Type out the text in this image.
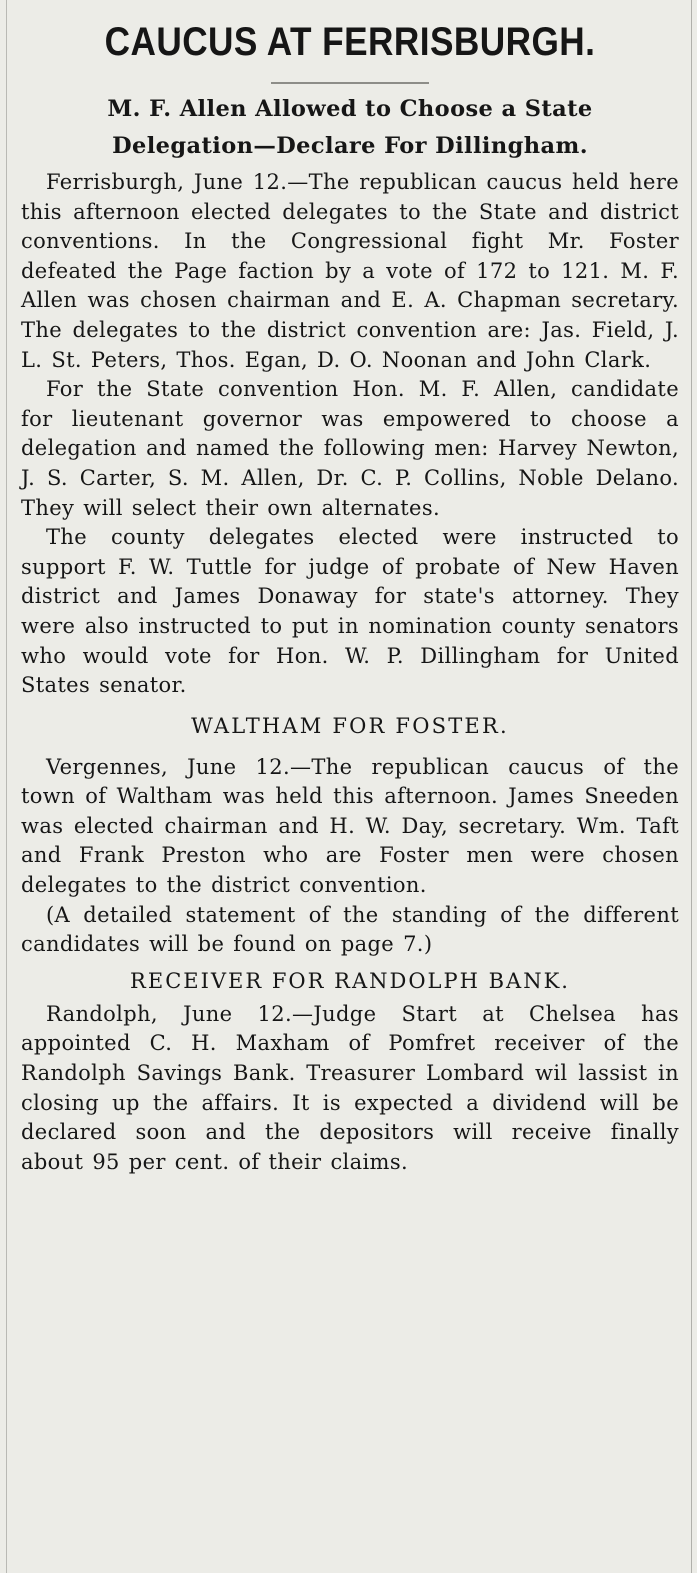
CAUCUS AT FERRISBURGH.
M. F. Allen Allowed to Choose a State
Delegation—Declare For Dillingham.

Ferrisburgh, June 12.—The republican caucus held here this afternoon elected delegates to the State and district conventions. In the Congressional fight Mr. Foster defeated the Page faction by a vote of 172 to 121. M. F. Allen was chosen chairman and E. A. Chapman secretary. The delegates to the district convention are: Jas. Field, J. L. St. Peters, Thos. Egan, D. O. Noonan and John Clark.

For the State convention Hon. M. F. Allen, candidate for lieutenant governor was empowered to choose a delegation and named the following men: Harvey Newton, J. S. Carter, S. M. Allen, Dr. C. P. Collins, Noble Delano. They will select their own alternates.

The county delegates elected were instructed to support F. W. Tuttle for judge of probate of New Haven district and James Donaway for state's attorney. They were also instructed to put in nomination county senators who would vote for Hon. W. P. Dillingham for United States senator.

WALTHAM FOR FOSTER.

Vergennes, June 12.—The republican caucus of the town of Waltham was held this afternoon. James Sneeden was elected chairman and H. W. Day, secretary. Wm. Taft and Frank Preston who are Foster men were chosen delegates to the district convention.

(A detailed statement of the standing of the different candidates will be found on page 7.)

RECEIVER FOR RANDOLPH BANK.

Randolph, June 12.—Judge Start at Chelsea has appointed C. H. Maxham of Pomfret receiver of the Randolph Savings Bank. Treasurer Lombard wil lassist in closing up the affairs. It is expected a dividend will be declared soon and the depositors will receive finally about 95 per cent. of their claims.
